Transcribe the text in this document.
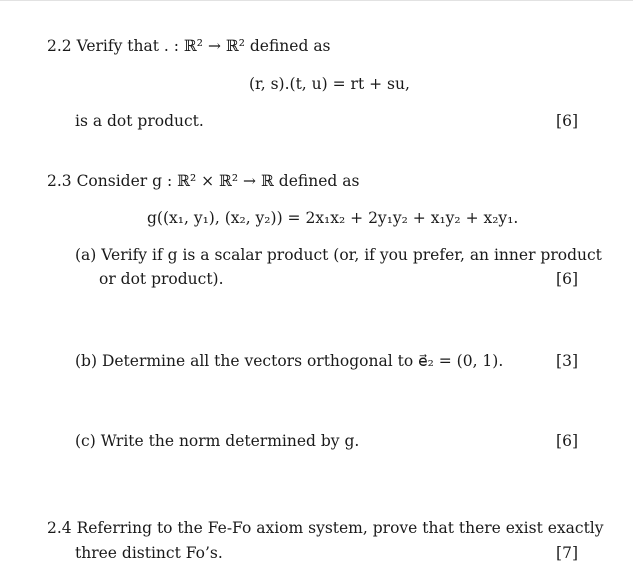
2.2 Verify that . : ℝ² → ℝ² defined as
(r, s).(t, u) = rt + su,
is a dot product.	[6]
2.3 Consider g : ℝ² × ℝ² → ℝ defined as
g((x₁, y₁), (x₂, y₂)) = 2x₁x₂ + 2y₁y₂ + x₁y₂ + x₂y₁.
(a) Verify if g is a scalar product (or, if you prefer, an inner product
or dot product).	[6]
(b) Determine all the vectors orthogonal to e⃗₂ = (0, 1).	[3]
(c) Write the norm determined by g.	[6]
2.4 Referring to the Fe-Fo axiom system, prove that there exist exactly
three distinct Fo’s.	[7]
